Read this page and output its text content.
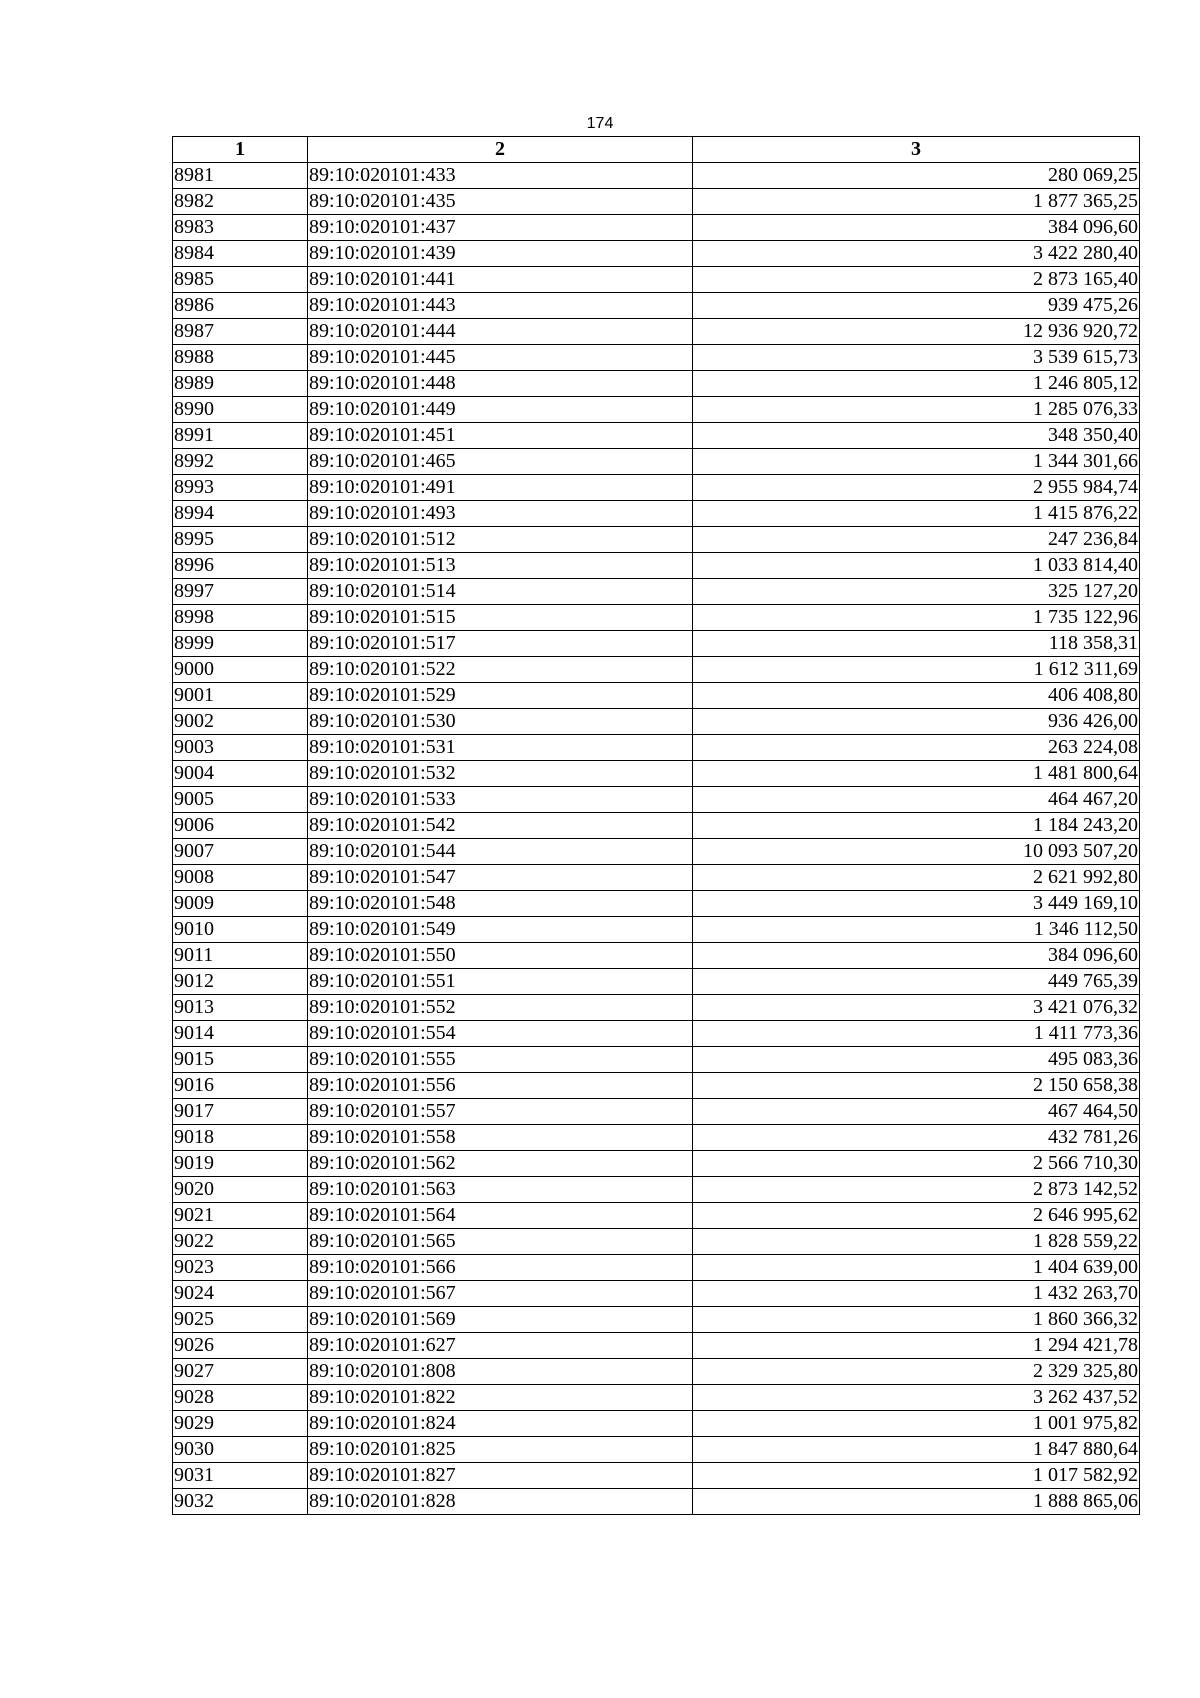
174
1	2	3
8981	89:10:020101:433	280 069,25
8982	89:10:020101:435	1 877 365,25
8983	89:10:020101:437	384 096,60
8984	89:10:020101:439	3 422 280,40
8985	89:10:020101:441	2 873 165,40
8986	89:10:020101:443	939 475,26
8987	89:10:020101:444	12 936 920,72
8988	89:10:020101:445	3 539 615,73
8989	89:10:020101:448	1 246 805,12
8990	89:10:020101:449	1 285 076,33
8991	89:10:020101:451	348 350,40
8992	89:10:020101:465	1 344 301,66
8993	89:10:020101:491	2 955 984,74
8994	89:10:020101:493	1 415 876,22
8995	89:10:020101:512	247 236,84
8996	89:10:020101:513	1 033 814,40
8997	89:10:020101:514	325 127,20
8998	89:10:020101:515	1 735 122,96
8999	89:10:020101:517	118 358,31
9000	89:10:020101:522	1 612 311,69
9001	89:10:020101:529	406 408,80
9002	89:10:020101:530	936 426,00
9003	89:10:020101:531	263 224,08
9004	89:10:020101:532	1 481 800,64
9005	89:10:020101:533	464 467,20
9006	89:10:020101:542	1 184 243,20
9007	89:10:020101:544	10 093 507,20
9008	89:10:020101:547	2 621 992,80
9009	89:10:020101:548	3 449 169,10
9010	89:10:020101:549	1 346 112,50
9011	89:10:020101:550	384 096,60
9012	89:10:020101:551	449 765,39
9013	89:10:020101:552	3 421 076,32
9014	89:10:020101:554	1 411 773,36
9015	89:10:020101:555	495 083,36
9016	89:10:020101:556	2 150 658,38
9017	89:10:020101:557	467 464,50
9018	89:10:020101:558	432 781,26
9019	89:10:020101:562	2 566 710,30
9020	89:10:020101:563	2 873 142,52
9021	89:10:020101:564	2 646 995,62
9022	89:10:020101:565	1 828 559,22
9023	89:10:020101:566	1 404 639,00
9024	89:10:020101:567	1 432 263,70
9025	89:10:020101:569	1 860 366,32
9026	89:10:020101:627	1 294 421,78
9027	89:10:020101:808	2 329 325,80
9028	89:10:020101:822	3 262 437,52
9029	89:10:020101:824	1 001 975,82
9030	89:10:020101:825	1 847 880,64
9031	89:10:020101:827	1 017 582,92
9032	89:10:020101:828	1 888 865,06
